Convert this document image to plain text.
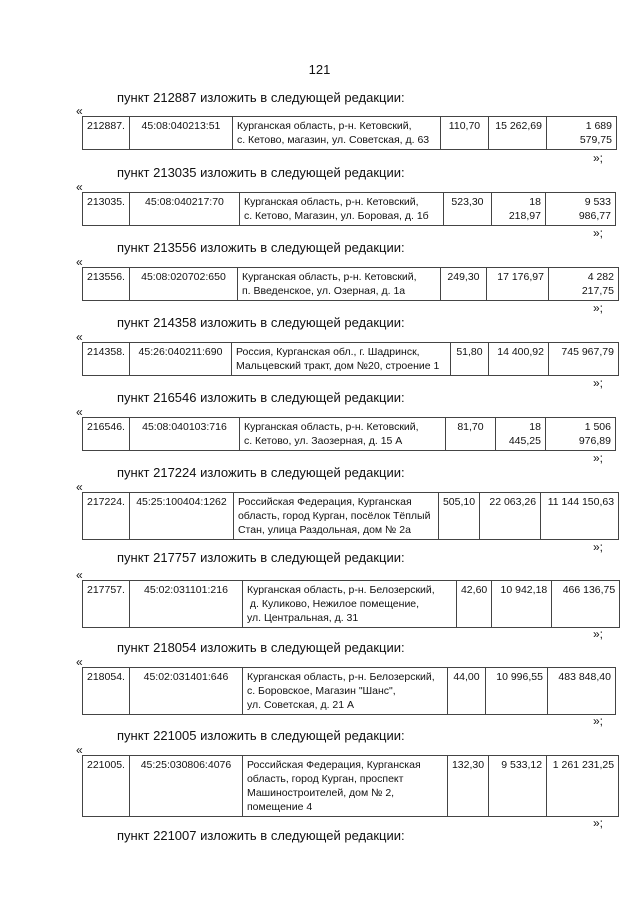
121
пункт 212887 изложить в следующей редакции:
«
212887.	45:08:040213:51	Курганская область, р-н. Кетовский,
с. Кетово, магазин, ул. Советская, д. 63
	110,70	15 262,69	1 689 579,75
»;
пункт 213035 изложить в следующей редакции:
«
213035.	45:08:040217:70	Курганская область, р-н. Кетовский,
с. Кетово, Магазин, ул. Боровая, д. 1б
	523,30	18 218,97	9 533 986,77
»;
пункт 213556 изложить в следующей редакции:
«
213556.	45:08:020702:650	Курганская область, р-н. Кетовский,
п. Введенское, ул. Озерная, д. 1а
	249,30	17 176,97	4 282 217,75
»;
пункт 214358 изложить в следующей редакции:
«
214358.	45:26:040211:690	Россия, Курганская обл., г. Шадринск,
Мальцевский тракт, дом №20, строение 1
	51,80	14 400,92	745 967,79
»;
пункт 216546 изложить в следующей редакции:
«
216546.	45:08:040103:716	Курганская область, р-н. Кетовский,
с. Кетово, ул. Заозерная, д. 15 А
	81,70	18 445,25	1 506 976,89
»;
пункт 217224 изложить в следующей редакции:
«
217224.	45:25:100404:1262	Российская Федерация, Курганская
область, город Курган, посёлок Тёплый
Стан, улица Раздольная, дом № 2а
	505,10	22 063,26	11 144 150,63
»;
пункт 217757 изложить в следующей редакции:
«
217757.	45:02:031101:216	Курганская область, р-н. Белозерский,
д. Куликово, Нежилое помещение,
ул. Центральная, д. 31
	42,60	10 942,18	466 136,75
»;
пункт 218054 изложить в следующей редакции:
«
218054.	45:02:031401:646	Курганская область, р-н. Белозерский,
с. Боровское, Магазин "Шанс",
ул. Советская, д. 21 А
	44,00	10 996,55	483 848,40
»;
пункт 221005 изложить в следующей редакции:
«
221005.	45:25:030806:4076	Российская Федерация, Курганская
область, город Курган, проспект
Машиностроителей, дом № 2,
помещение 4
	132,30	9 533,12	1 261 231,25
»;
пункт 221007 изложить в следующей редакции:
